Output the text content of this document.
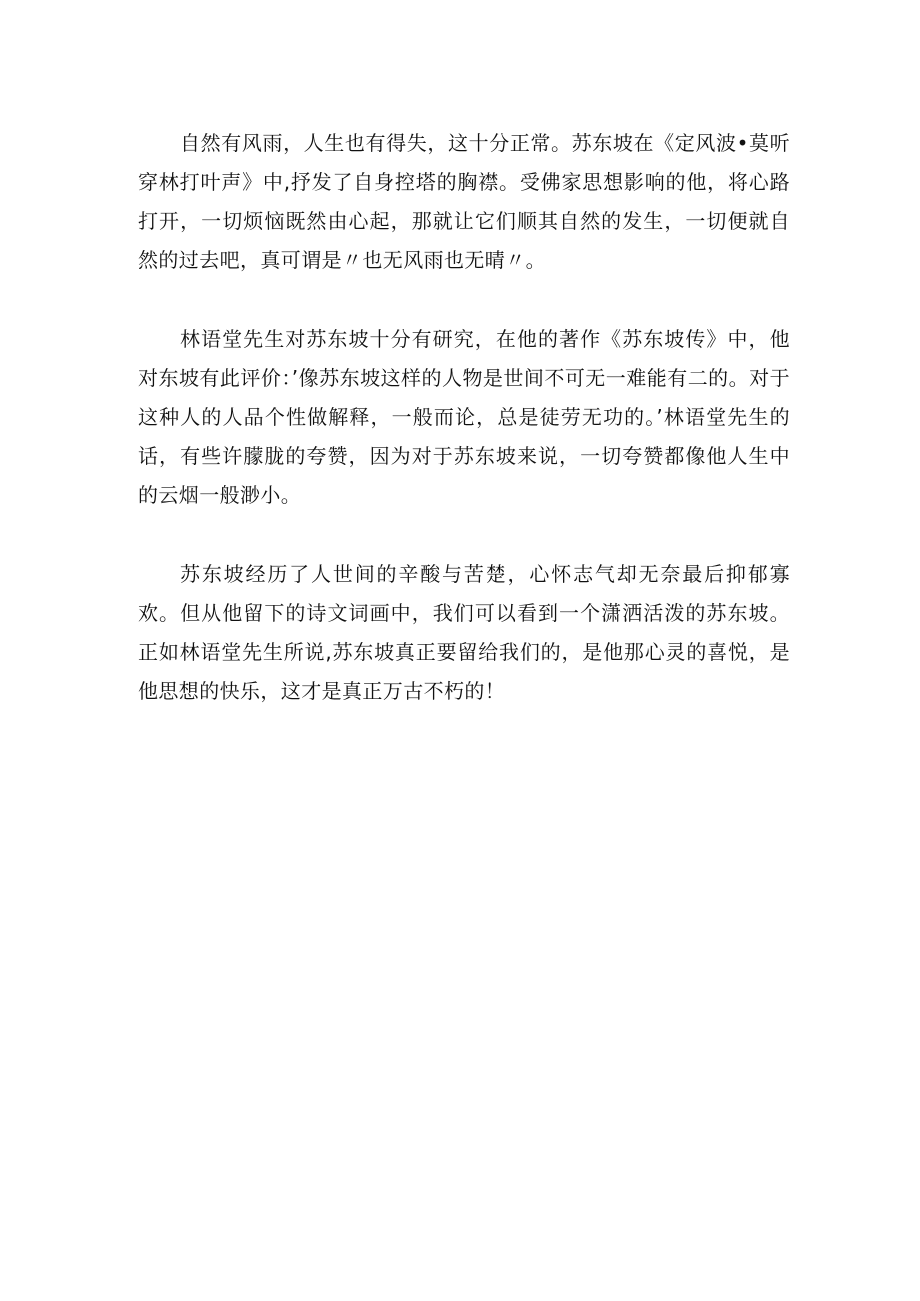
自然有风雨，人生也有得失，这十分正常。苏东坡在《定风波•莫听穿林打叶声》中,抒发了自身控塔的胸襟。受佛家思想影响的他，将心路打开，一切烦恼既然由心起，那就让它们顺其自然的发生，一切便就自然的过去吧，真可谓是〃也无风雨也无晴〃。

林语堂先生对苏东坡十分有研究，在他的著作《苏东坡传》中，他对东坡有此评价：’像苏东坡这样的人物是世间不可无一难能有二的。对于这种人的人品个性做解释，一般而论，总是徒劳无功的。’林语堂先生的话，有些许朦胧的夸赞，因为对于苏东坡来说，一切夸赞都像他人生中的云烟一般渺小。

苏东坡经历了人世间的辛酸与苦楚，心怀志气却无奈最后抑郁寡欢。但从他留下的诗文词画中，我们可以看到一个潇洒活泼的苏东坡。正如林语堂先生所说,苏东坡真正要留给我们的，是他那心灵的喜悦，是他思想的快乐，这才是真正万古不朽的！
